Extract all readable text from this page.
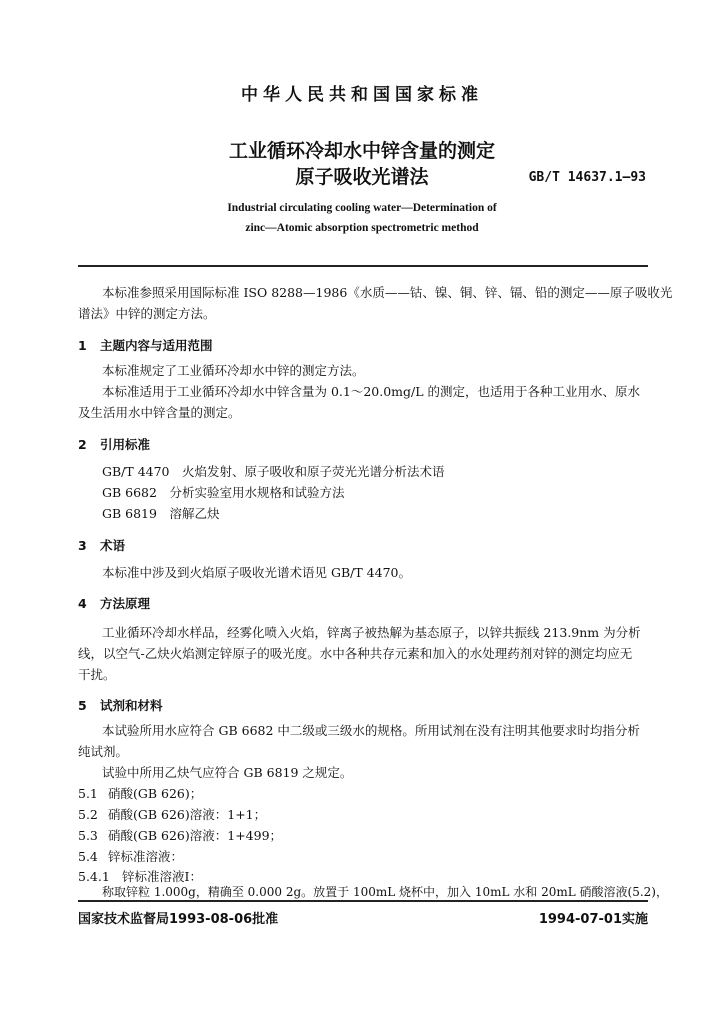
中华人民共和国国家标准
工业循环冷却水中锌含量的测定
原子吸收光谱法	GB/T 14637.1—93
Industrial circulating cooling water—Determination of
zinc—Atomic absorption spectrometric method
本标准参照采用国际标准 ISO 8288—1986《水质——钴、镍、铜、锌、镉、铅的测定——原子吸收光
谱法》中锌的测定方法。
1 主题内容与适用范围
本标准规定了工业循环冷却水中锌的测定方法。
本标准适用于工业循环冷却水中锌含量为 0.1～20.0mg/L 的测定，也适用于各种工业用水、原水
及生活用水中锌含量的测定。
2 引用标准
GB/T 4470　火焰发射、原子吸收和原子荧光光谱分析法术语
GB 6682　分析实验室用水规格和试验方法
GB 6819　溶解乙炔
3 术语
本标准中涉及到火焰原子吸收光谱术语见 GB/T 4470。
4 方法原理
工业循环冷却水样品，经雾化喷入火焰，锌离子被热解为基态原子，以锌共振线 213.9nm 为分析
线，以空气-乙炔火焰测定锌原子的吸光度。水中各种共存元素和加入的水处理药剂对锌的测定均应无
干扰。
5 试剂和材料
本试验所用水应符合 GB 6682 中二级或三级水的规格。所用试剂在没有注明其他要求时均指分析
纯试剂。
试验中所用乙炔气应符合 GB 6819 之规定。
5.1 硝酸(GB 626)；
5.2 硝酸(GB 626)溶液：1+1；
5.3 硝酸(GB 626)溶液：1+499；
5.4 锌标准溶液：
5.4.1 锌标准溶液Ⅰ：
称取锌粒 1.000g，精确至 0.000 2g。放置于 100mL 烧杯中，加入 10mL 水和 20mL 硝酸溶液(5.2)，
国家技术监督局1993-08-06批准	1994-07-01实施
